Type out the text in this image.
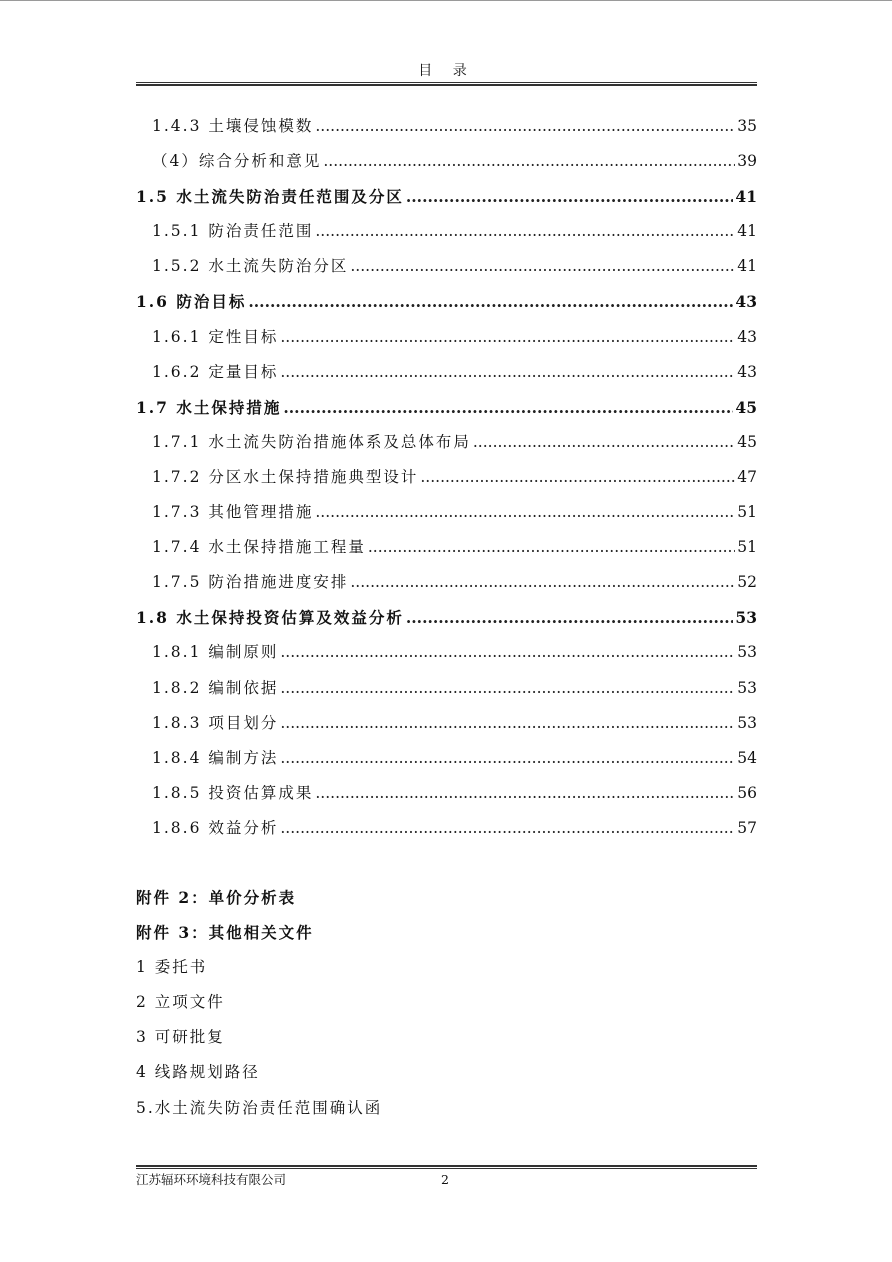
目 录
1.4.3 土壤侵蚀模数 .....	35
（4）综合分析和意见 .....	39
1.5 水土流失防治责任范围及分区 .....	41
1.5.1 防治责任范围 .....	41
1.5.2 水土流失防治分区 .....	41
1.6 防治目标 .....	43
1.6.1 定性目标 .....	43
1.6.2 定量目标 .....	43
1.7 水土保持措施 .....	45
1.7.1 水土流失防治措施体系及总体布局 .....	45
1.7.2 分区水土保持措施典型设计 .....	47
1.7.3 其他管理措施 .....	51
1.7.4 水土保持措施工程量 .....	51
1.7.5 防治措施进度安排 .....	52
1.8 水土保持投资估算及效益分析 .....	53
1.8.1 编制原则 .....	53
1.8.2 编制依据 .....	53
1.8.3 项目划分 .....	53
1.8.4 编制方法 .....	54
1.8.5 投资估算成果 .....	56
1.8.6 效益分析 .....	57
附件 2：单价分析表
附件 3：其他相关文件
1 委托书
2 立项文件
3 可研批复
4 线路规划路径
5.水土流失防治责任范围确认函
江苏辐环环境科技有限公司	2
